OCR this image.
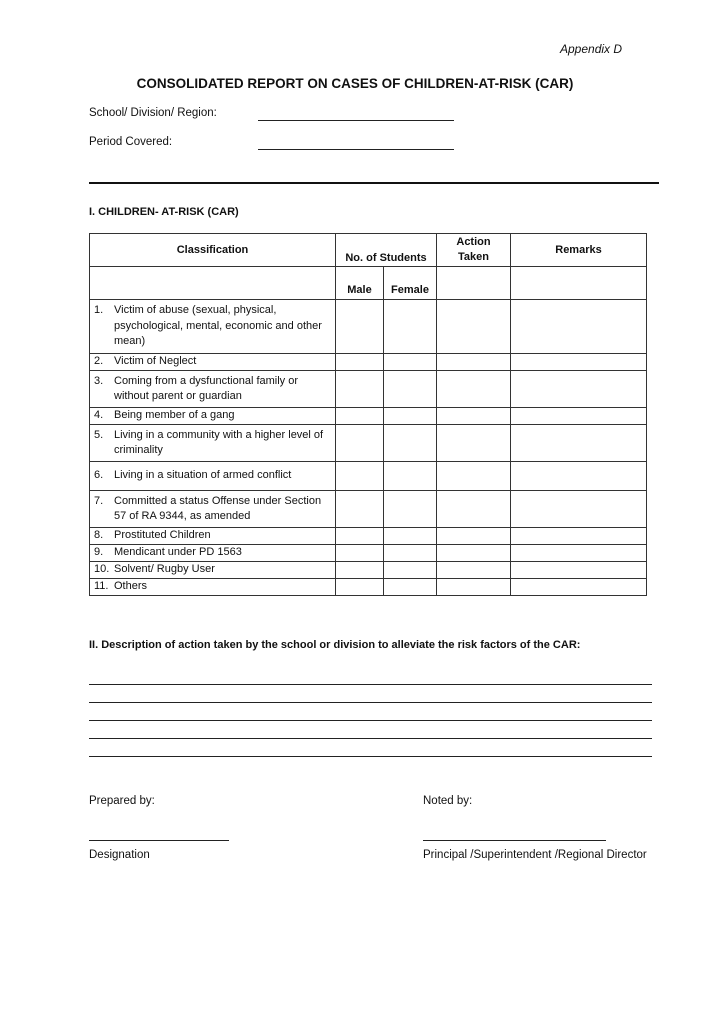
Appendix D
CONSOLIDATED REPORT ON CASES OF CHILDREN-AT-RISK (CAR)
School/ Division/ Region:
Period Covered:
I. CHILDREN- AT-RISK (CAR)
Classification	No. of Students		Action Taken	Remarks
	Male	Female		
1. Victim of abuse (sexual, physical, psychological, mental, economic and other mean)				
2. Victim of Neglect				
3. Coming from a dysfunctional family or without parent or guardian				
4. Being member of a gang				
5. Living in a community with a higher level of criminality				
6. Living in a situation of armed conflict				
7. Committed a status Offense under Section 57 of RA 9344, as amended				
8. Prostituted Children				
9. Mendicant under PD 1563				
10. Solvent/ Rugby User				
11. Others				
II. Description of action taken by the school or division to alleviate the risk factors of the CAR:
Prepared by:	Noted by:
Designation	Principal /Superintendent /Regional Director
